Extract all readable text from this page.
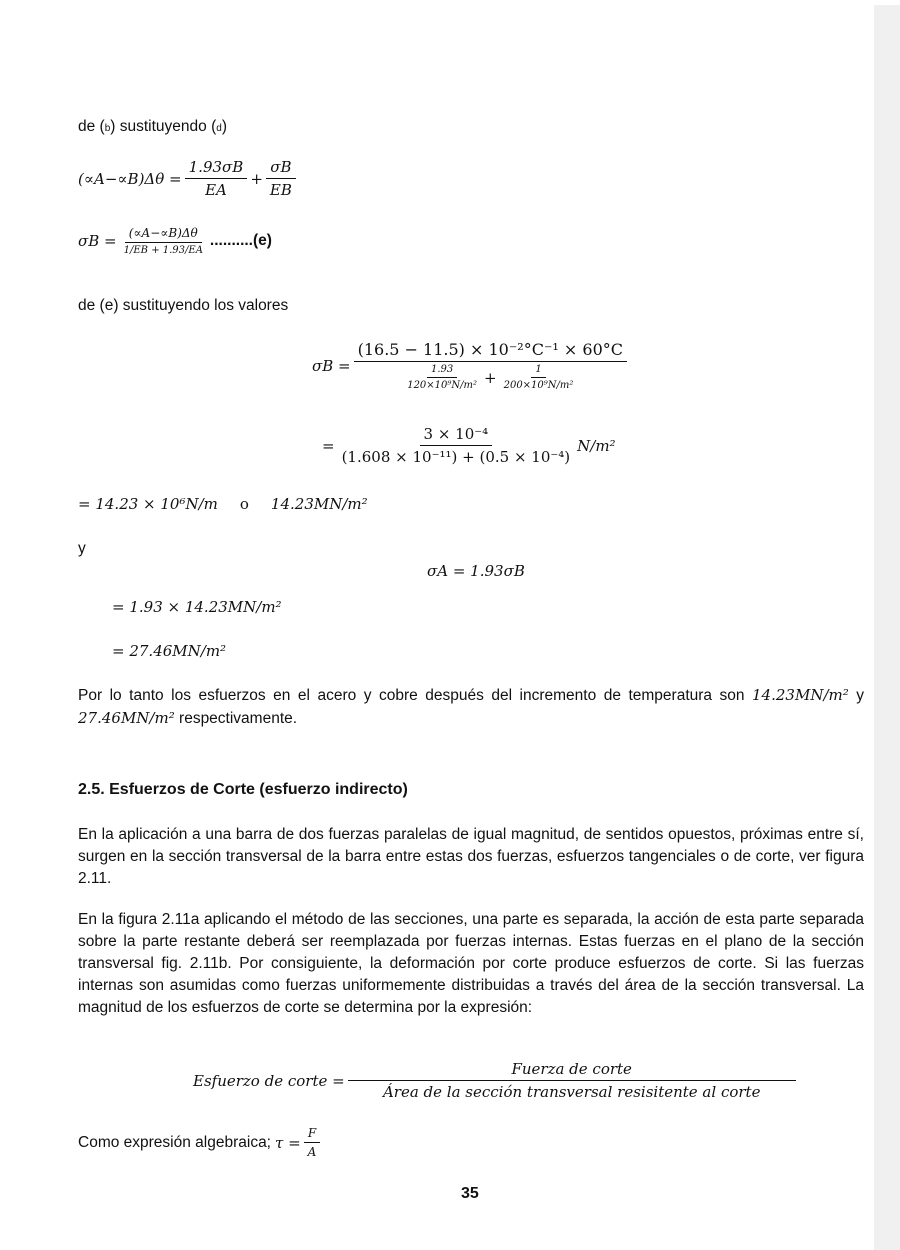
de (b) sustituyendo (d)
$(\propto A-\propto B)\Delta\theta = \frac{1.93\sigma B}{EA} + \frac{\sigma B}{EB}$
$\sigma B = \frac{(\propto A-\propto B)\Delta\theta}{1/EB + 1.93/EA} ..........(e)$
de (e) sustituyendo los valores
$\sigma B = \frac{\text{(16.5 − 11.5) × 10⁻²°C⁻¹ × 60°C}}{\frac{1.93}{\text{120×10⁹N/m²}} + \frac{1}{\text{200×10⁹N/m²}}}$
= $\frac{\text{3 × 10⁻⁴}}{\text{(1.608 × 10⁻¹¹) + (0.5 × 10⁻⁴)}} N/m^2$
= 14.23 × 10⁶N/m o 14.23MN/m²
y
σA = 1.93σB
= 1.93 × 14.23MN/m²
= 27.46MN/m²
Por lo tanto los esfuerzos en el acero y cobre después del incremento de temperatura son 14.23MN/m² y 27.46MN/m² respectivamente.
2.5. Esfuerzos de Corte (esfuerzo indirecto)
En la aplicación a una barra de dos fuerzas paralelas de igual magnitud, de sentidos opuestos, próximas entre sí, surgen en la sección transversal de la barra entre estas dos fuerzas, esfuerzos tangenciales o de corte, ver figura 2.11.
En la figura 2.11a aplicando el método de las secciones, una parte es separada, la acción de esta parte separada sobre la parte restante deberá ser reemplazada por fuerzas internas. Estas fuerzas en el plano de la sección transversal fig. 2.11b. Por consiguiente, la deformación por corte produce esfuerzos de corte. Si las fuerzas internas son asumidas como fuerzas uniformemente distribuidas a través del área de la sección transversal. La magnitud de los esfuerzos de corte se determina por la expresión:
Esfuerzo de corte = $\frac{\text{Fuerza de corte}}{\text{Área de la sección transversal resisitente al corte}}$
Como expresión algebraica; $\tau = \frac{F}{A}$
35
